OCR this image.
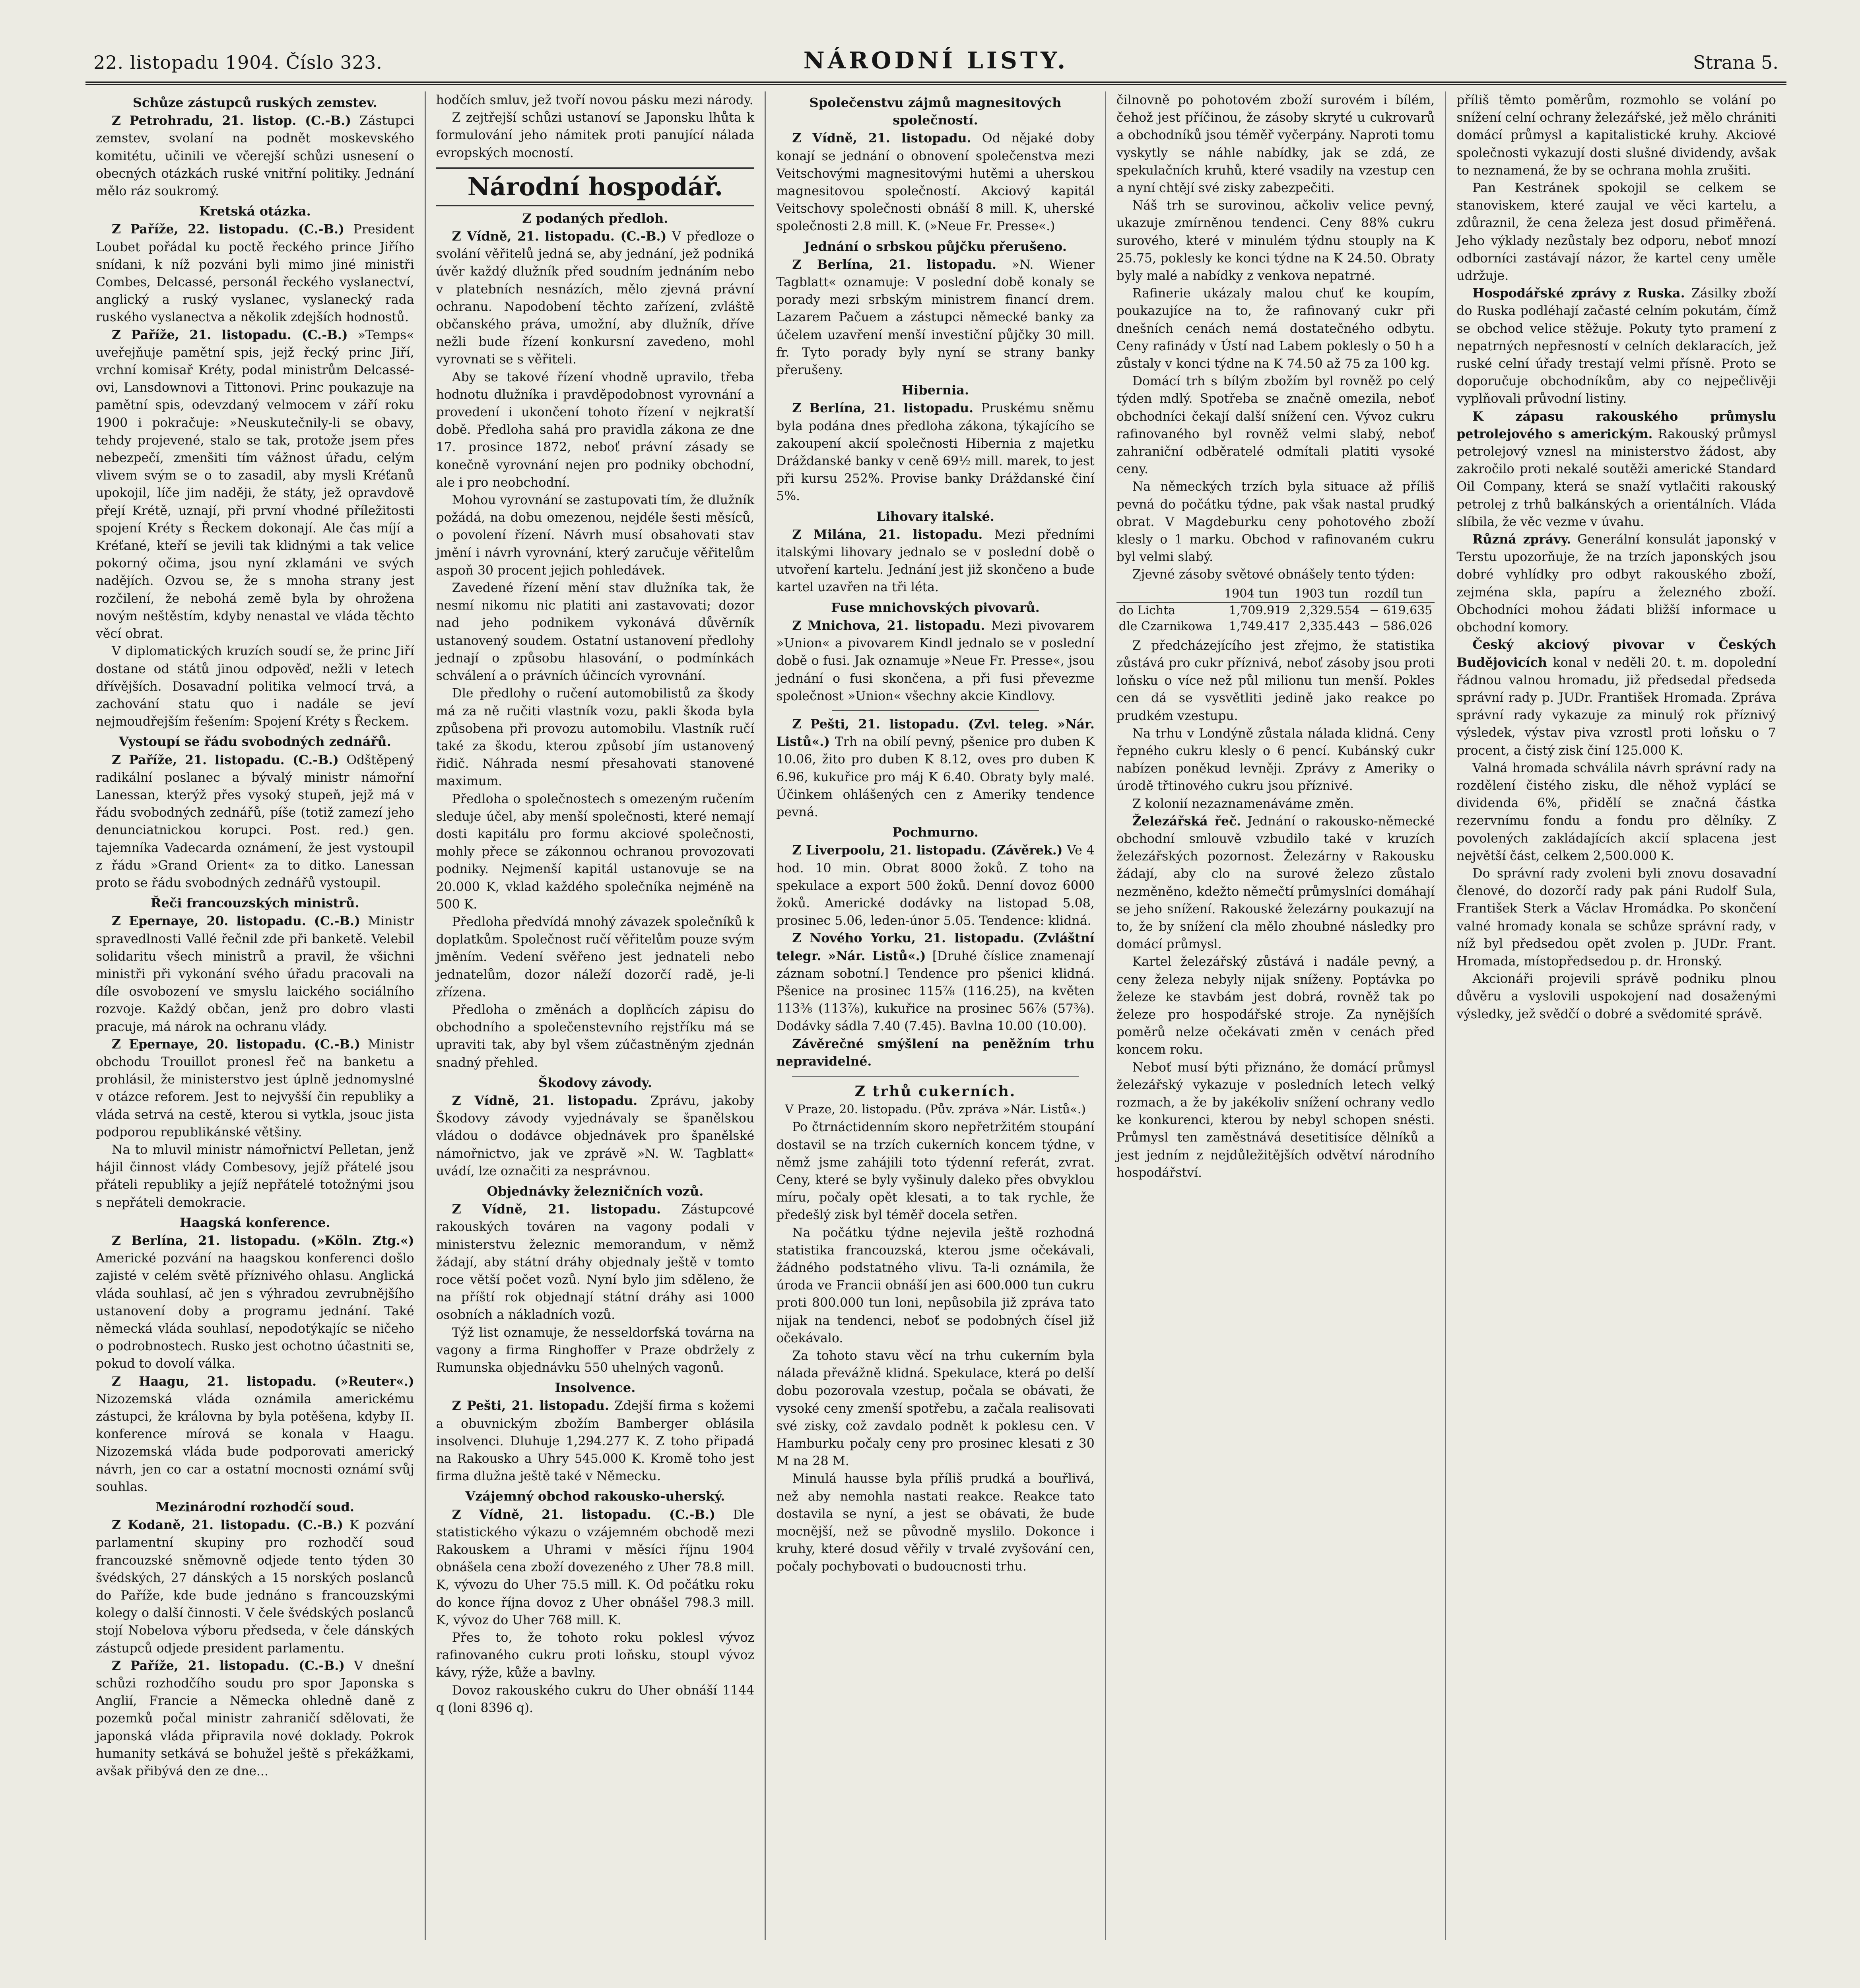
22. listopadu 1904. Číslo 323.	NÁRODNÍ LISTY.	Strana 5.
Schůze zástupců ruských zemstev.

Z Petrohradu, 21. listop. (C.-B.) Zástupci zemstev, svolaní na podnět moskevského komitétu, učinili ve včerejší schůzi usnesení o obecných otázkách ruské vnitřní politiky. Jednání mělo ráz soukromý.

Kretská otázka.

Z Paříže, 22. listopadu. (C.-B.) President Loubet pořádal ku poctě řeckého prince Jiřího snídani, k níž pozváni byli mimo jiné ministři Combes, Delcassé, personál řeckého vyslanectví, anglický a ruský vyslanec, vyslanecký rada ruského vyslanectva a několik zdejších hodnostů.

Z Paříže, 21. listopadu. (C.-B.) »Temps« uveřejňuje pamětní spis, jejž řecký princ Jiří, vrchní komisař Kréty, podal ministrům Delcassé-ovi, Lansdownovi a Tittonovi. Princ poukazuje na pamětní spis, odevzdaný velmocem v září roku 1900 i pokračuje: »Neuskutečnily-li se obavy, tehdy projevené, stalo se tak, protože jsem přes nebezpečí, zmenšiti tím vážnost úřadu, celým vlivem svým se o to zasadil, aby mysli Kréťanů upokojil, líče jim naději, že státy, jež opravdově přejí Krétě, uznají, při první vhodné příležitosti spojení Kréty s Řeckem dokonají. Ale čas míjí a Kréťané, kteří se jevili tak klidnými a tak velice pokorný očima, jsou nyní zklamáni ve svých nadějích. Ozvou se, že s mnoha strany jest rozčilení, že nebohá země byla by ohrožena novým neštěstím, kdyby nenastal ve vláda těchto věcí obrat.

V diplomatických kruzích soudí se, že princ Jiří dostane od států jinou odpověď, nežli v letech dřívějších. Dosavadní politika velmocí trvá, a zachování statu quo i nadále se jeví nejmoudřejším řešením: Spojení Kréty s Řeckem.

Vystoupí se řádu svobodných zednářů.

Z Paříže, 21. listopadu. (C.-B.) Odštěpený radikální poslanec a bývalý ministr námořní Lanessan, kterýž přes vysoký stupeň, jejž má v řádu svobodných zednářů, píše (totiž zamezí jeho denunciatnickou korupci. Post. red.) gen. tajemníka Vadecarda oznámení, že jest vystoupil z řádu »Grand Orient« za to ditko. Lanessan proto se řádu svobodných zednářů vystoupil.

Řeči francouzských ministrů.

Z Epernaye, 20. listopadu. (C.-B.) Ministr spravedlnosti Vallé řečnil zde při banketě. Velebil solidaritu všech ministrů a pravil, že všichni ministři při vykonání svého úřadu pracovali na díle osvobození ve smyslu laického sociálního rozvoje. Každý občan, jenž pro dobro vlasti pracuje, má nárok na ochranu vlády.

Z Epernaye, 20. listopadu. (C.-B.) Ministr obchodu Trouillot pronesl řeč na banketu a prohlásil, že ministerstvo jest úplně jednomyslné v otázce reforem. Jest to nejvyšší čin republiky a vláda setrvá na cestě, kterou si vytkla, jsouc jista podporou republikánské většiny.

Na to mluvil ministr námořnictví Pelletan, jenž hájil činnost vlády Combesovy, jejíž přátelé jsou přáteli republiky a jejíž nepřátelé totožnými jsou s nepřáteli demokracie.

Haagská konference.

Z Berlína, 21. listopadu. (»Köln. Ztg.«) Americké pozvání na haagskou konferenci došlo zajisté v celém světě příznivého ohlasu. Anglická vláda souhlasí, ač jen s výhradou zevrubnějšího ustanovení doby a programu jednání. Také německá vláda souhlasí, nepodotýkajíc se ničeho o podrobnostech. Rusko jest ochotno účastniti se, pokud to dovolí válka.

Z Haagu, 21. listopadu. (»Reuter«.) Nizozemská vláda oznámila americkému zástupci, že královna by byla potěšena, kdyby II. konference mírová se konala v Haagu. Nizozemská vláda bude podporovati americký návrh, jen co car a ostatní mocnosti oznámí svůj souhlas.

Mezinárodní rozhodčí soud.

Z Kodaně, 21. listopadu. (C.-B.) K pozvání parlamentní skupiny pro rozhodčí soud francouzské sněmovně odjede tento týden 30 švédských, 27 dánských a 15 norských poslanců do Paříže, kde bude jednáno s francouzskými kolegy o další činnosti. V čele švédských poslanců stojí Nobelova výboru předseda, v čele dánských zástupců odjede president parlamentu.

Z Paříže, 21. listopadu. (C.-B.) V dnešní schůzi rozhodčího soudu pro spor Japonska s Anglií, Francie a Německa ohledně daně z pozemků počal ministr zahraničí sdělovati, že japonská vláda připravila nové doklady. Pokrok humanity setkává se bohužel ještě s překážkami, avšak přibývá den ze dne...

hodčích smluv, jež tvoří novou pásku mezi národy.

Z zejtřejší schůzi ustanoví se Japonsku lhůta k formulování jeho námitek proti panující nálada evropských mocností.

Národní hospodář.
Z podaných předloh.

Z Vídně, 21. listopadu. (C.-B.) V předloze o svolání věřitelů jedná se, aby jednání, jež podniká úvěr každý dlužník před soudním jednáním nebo v platebních nesnázích, mělo zjevná právní ochranu. Napodobení těchto zařízení, zvláště občanského práva, umožní, aby dlužník, dříve nežli bude řízení konkursní zavedeno, mohl vyrovnati se s věřiteli.

Aby se takové řízení vhodně upravilo, třeba hodnotu dlužníka i pravděpodobnost vyrovnání a provedení i ukončení tohoto řízení v nejkratší době. Předloha sahá pro pravidla zákona ze dne 17. prosince 1872, neboť právní zásady se konečně vyrovnání nejen pro podniky obchodní, ale i pro neobchodní.

Mohou vyrovnání se zastupovati tím, že dlužník požádá, na dobu omezenou, nejdéle šesti měsíců, o povolení řízení. Návrh musí obsahovati stav jmění i návrh vyrovnání, který zaručuje věřitelům aspoň 30 procent jejich pohledávek.

Zavedené řízení mění stav dlužníka tak, že nesmí nikomu nic platiti ani zastavovati; dozor nad jeho podnikem vykonává důvěrník ustanovený soudem. Ostatní ustanovení předlohy jednají o způsobu hlasování, o podmínkách schválení a o právních účincích vyrovnání.

Dle předlohy o ručení automobilistů za škody má za ně ručiti vlastník vozu, pakli škoda byla způsobena při provozu automobilu. Vlastník ručí také za škodu, kterou způsobí jím ustanovený řidič. Náhrada nesmí přesahovati stanovené maximum.

Předloha o společnostech s omezeným ručením sleduje účel, aby menší společnosti, které nemají dosti kapitálu pro formu akciové společnosti, mohly přece se zákonnou ochranou provozovati podniky. Nejmenší kapitál ustanovuje se na 20.000 K, vklad každého společníka nejméně na 500 K.

Předloha předvídá mnohý závazek společníků k doplatkům. Společnost ručí věřitelům pouze svým jměním. Vedení svěřeno jest jednateli nebo jednatelům, dozor náleží dozorčí radě, je-li zřízena.

Předloha o změnách a doplňcích zápisu do obchodního a společenstevního rejstříku má se upraviti tak, aby byl všem zúčastněným zjednán snadný přehled.

Škodovy závody.

Z Vídně, 21. listopadu. Zprávu, jakoby Škodovy závody vyjednávaly se španělskou vládou o dodávce objednávek pro španělské námořnictvo, jak ve zprávě »N. W. Tagblatt« uvádí, lze označiti za nesprávnou.

Objednávky železničních vozů.

Z Vídně, 21. listopadu. Zástupcové rakouských továren na vagony podali v ministerstvu železnic memorandum, v němž žádají, aby státní dráhy objednaly ještě v tomto roce větší počet vozů. Nyní bylo jim sděleno, že na příští rok objednají státní dráhy asi 1000 osobních a nákladních vozů.

Týž list oznamuje, že nesseldorfská továrna na vagony a firma Ringhoffer v Praze obdržely z Rumunska objednávku 550 uhelných vagonů.

Insolvence.

Z Pešti, 21. listopadu. Zdejší firma s kožemi a obuvnickým zbožím Bamberger oblásila insolvenci. Dluhuje 1,294.277 K. Z toho připadá na Rakousko a Uhry 545.000 K. Kromě toho jest firma dlužna ještě také v Německu.

Vzájemný obchod rakousko-uherský.

Z Vídně, 21. listopadu. (C.-B.) Dle statistického výkazu o vzájemném obchodě mezi Rakouskem a Uhrami v měsíci říjnu 1904 obnášela cena zboží dovezeného z Uher 78.8 mill. K, vývozu do Uher 75.5 mill. K. Od počátku roku do konce října dovoz z Uher obnášel 798.3 mill. K, vývoz do Uher 768 mill. K.

Přes to, že tohoto roku poklesl vývoz rafinovaného cukru proti loňsku, stoupl vývoz kávy, rýže, kůže a bavlny.

Dovoz rakouského cukru do Uher obnáší 1144 q (loni 8396 q).

Společenstvu zájmů magnesitových společností.

Z Vídně, 21. listopadu. Od nějaké doby konají se jednání o obnovení společenstva mezi Veitschovými magnesitovými hutěmi a uherskou magnesitovou společností. Akciový kapitál Veitschovy společnosti obnáší 8 mill. K, uherské společnosti 2.8 mill. K. (»Neue Fr. Presse«.)

Jednání o srbskou půjčku přerušeno.

Z Berlína, 21. listopadu. »N. Wiener Tagblatt« oznamuje: V poslední době konaly se porady mezi srbským ministrem financí drem. Lazarem Pačuem a zástupci německé banky za účelem uzavření menší investiční půjčky 30 mill. fr. Tyto porady byly nyní se strany banky přerušeny.

Hibernia.

Z Berlína, 21. listopadu. Pruskému sněmu byla podána dnes předloha zákona, týkajícího se zakoupení akcií společnosti Hibernia z majetku Dráždanské banky v ceně 69½ mill. marek, to jest při kursu 252%. Provise banky Dráždanské činí 5%.

Lihovary italské.

Z Milána, 21. listopadu. Mezi předními italskými lihovary jednalo se v poslední době o utvoření kartelu. Jednání jest již skončeno a bude kartel uzavřen na tři léta.

Fuse mnichovských pivovarů.

Z Mnichova, 21. listopadu. Mezi pivovarem »Union« a pivovarem Kindl jednalo se v poslední době o fusi. Jak oznamuje »Neue Fr. Presse«, jsou jednání o fusi skončena, a při fusi převezme společnost »Union« všechny akcie Kindlovy.

Z Pešti, 21. listopadu. (Zvl. teleg. »Nár. Listů«.) Trh na obilí pevný, pšenice pro duben K 10.06, žito pro duben K 8.12, oves pro duben K 6.96, kukuřice pro máj K 6.40. Obraty byly malé. Účinkem ohlášených cen z Ameriky tendence pevná.

Pochmurno.

Z Liverpoolu, 21. listopadu. (Závěrek.) Ve 4 hod. 10 min. Obrat 8000 žoků. Z toho na spekulace a export 500 žoků. Denní dovoz 6000 žoků. Americké dodávky na listopad 5.08, prosinec 5.06, leden-únor 5.05. Tendence: klidná.

Z Nového Yorku, 21. listopadu. (Zvláštní telegr. »Nár. Listů«.) [Druhé číslice znamenají záznam sobotní.] Tendence pro pšenici klidná. Pšenice na prosinec 115⅞ (116.25), na květen 113⅜ (113⅞), kukuřice na prosinec 56⅞ (57⅜). Dodávky sádla 7.40 (7.45). Bavlna 10.00 (10.00).

Závěrečné smýšlení na peněžním trhu nepravidelné.

Z trhů cukerních.

V Praze, 20. listopadu. (Pův. zpráva »Nár. Listů«.)

Po čtrnáctidenním skoro nepřetržitém stoupání dostavil se na trzích cukerních koncem týdne, v němž jsme zahájili toto týdenní referát, zvrat. Ceny, které se byly vyšinuly daleko přes obvyklou míru, počaly opět klesati, a to tak rychle, že předešlý zisk byl téměř docela setřen.

Na počátku týdne nejevila ještě rozhodná statistika francouzská, kterou jsme očekávali, žádného podstatného vlivu. Ta-li oznámila, že úroda ve Francii obnáší jen asi 600.000 tun cukru proti 800.000 tun loni, nepůsobila již zpráva tato nijak na tendenci, neboť se podobných čísel již očekávalo.

Za tohoto stavu věcí na trhu cukerním byla nálada převážně klidná. Spekulace, která po delší dobu pozorovala vzestup, počala se obávati, že vysoké ceny zmenší spotřebu, a začala realisovati své zisky, což zavdalo podnět k poklesu cen. V Hamburku počaly ceny pro prosinec klesati z 30 M na 28 M.

Minulá hausse byla příliš prudká a bouřlivá, než aby nemohla nastati reakce. Reakce tato dostavila se nyní, a jest se obávati, že bude mocnější, než se původně myslilo. Dokonce i kruhy, které dosud věřily v trvalé zvyšování cen, počaly pochybovati o budoucnosti trhu.

čilnovně po pohotovém zboží surovém i bílém, čehož jest příčinou, že zásoby skryté u cukrovarů a obchodníků jsou téměř vyčerpány. Naproti tomu vyskytly se náhle nabídky, jak se zdá, ze spekulačních kruhů, které vsadily na vzestup cen a nyní chtějí své zisky zabezpečiti.

Náš trh se surovinou, ačkoliv velice pevný, ukazuje zmírněnou tendenci. Ceny 88% cukru surového, které v minulém týdnu stouply na K 25.75, poklesly ke konci týdne na K 24.50. Obraty byly malé a nabídky z venkova nepatrné.

Rafinerie ukázaly malou chuť ke koupím, poukazujíce na to, že rafinovaný cukr při dnešních cenách nemá dostatečného odbytu. Ceny rafinády v Ústí nad Labem poklesly o 50 h a zůstaly v konci týdne na K 74.50 až 75 za 100 kg.

Domácí trh s bílým zbožím byl rovněž po celý týden mdlý. Spotřeba se značně omezila, neboť obchodníci čekají další snížení cen. Vývoz cukru rafinovaného byl rovněž velmi slabý, neboť zahraniční odběratelé odmítali platiti vysoké ceny.

Na německých trzích byla situace až příliš pevná do počátku týdne, pak však nastal prudký obrat. V Magdeburku ceny pohotového zboží klesly o 1 marku. Obchod v rafinovaném cukru byl velmi slabý.

Zjevné zásoby světové obnášely tento týden:

	1904 tun	1903 tun	rozdíl tun
do Lichta	1,709.919	2,329.554	− 619.635
dle Czarnikowa	1,749.417	2,335.443	− 586.026

Z předcházejícího jest zřejmo, že statistika zůstává pro cukr příznivá, neboť zásoby jsou proti loňsku o více než půl milionu tun menší. Pokles cen dá se vysvětliti jedině jako reakce po prudkém vzestupu.

Na trhu v Londýně zůstala nálada klidná. Ceny řepného cukru klesly o 6 pencí. Kubánský cukr nabízen poněkud levněji. Zprávy z Ameriky o úrodě třtinového cukru jsou příznivé.

Z kolonií nezaznamenáváme změn.

Železářská řeč. Jednání o rakousko-německé obchodní smlouvě vzbudilo také v kruzích železářských pozornost. Železárny v Rakousku žádají, aby clo na surové železo zůstalo nezměněno, kdežto němečtí průmyslníci domáhají se jeho snížení. Rakouské železárny poukazují na to, že by snížení cla mělo zhoubné následky pro domácí průmysl.

Kartel železářský zůstává i nadále pevný, a ceny železa nebyly nijak sníženy. Poptávka po železe ke stavbám jest dobrá, rovněž tak po železe pro hospodářské stroje. Za nynějších poměrů nelze očekávati změn v cenách před koncem roku.

Neboť musí býti přiznáno, že domácí průmysl železářský vykazuje v posledních letech velký rozmach, a že by jakékoliv snížení ochrany vedlo ke konkurenci, kterou by nebyl schopen snésti. Průmysl ten zaměstnává desetitisíce dělníků a jest jedním z nejdůležitějších odvětví národního hospodářství.

příliš těmto poměrům, rozmohlo se volání po snížení celní ochrany železářské, jež mělo chrániti domácí průmysl a kapitalistické kruhy. Akciové společnosti vykazují dosti slušné dividendy, avšak to neznamená, že by se ochrana mohla zrušiti.

Pan Kestránek spokojil se celkem se stanoviskem, které zaujal ve věci kartelu, a zdůraznil, že cena železa jest dosud přiměřená. Jeho výklady nezůstaly bez odporu, neboť mnozí odborníci zastávají názor, že kartel ceny uměle udržuje.

Hospodářské zprávy z Ruska. Zásilky zboží do Ruska podléhají začasté celním pokutám, čímž se obchod velice stěžuje. Pokuty tyto pramení z nepatrných nepřesností v celních deklaracích, jež ruské celní úřady trestají velmi přísně. Proto se doporučuje obchodníkům, aby co nejpečlivěji vyplňovali průvodní listiny.

K zápasu rakouského průmyslu petrolejového s americkým. Rakouský průmysl petrolejový vznesl na ministerstvo žádost, aby zakročilo proti nekalé soutěži americké Standard Oil Company, která se snaží vytlačiti rakouský petrolej z trhů balkánských a orientálních. Vláda slíbila, že věc vezme v úvahu.

Různá zprávy. Generální konsulát japonský v Terstu upozorňuje, že na trzích japonských jsou dobré vyhlídky pro odbyt rakouského zboží, zejména skla, papíru a železného zboží. Obchodníci mohou žádati bližší informace u obchodní komory.

Český akciový pivovar v Českých Budějovicích konal v neděli 20. t. m. dopolední řádnou valnou hromadu, již předsedal předseda správní rady p. JUDr. František Hromada. Zpráva správní rady vykazuje za minulý rok příznivý výsledek, výstav piva vzrostl proti loňsku o 7 procent, a čistý zisk činí 125.000 K.

Valná hromada schválila návrh správní rady na rozdělení čistého zisku, dle něhož vyplácí se dividenda 6%, přidělí se značná částka rezervnímu fondu a fondu pro dělníky. Z povolených zakládajících akcií splacena jest největší část, celkem 2,500.000 K.

Do správní rady zvoleni byli znovu dosavadní členové, do dozorčí rady pak páni Rudolf Sula, František Sterk a Václav Hromádka. Po skončení valné hromady konala se schůze správní rady, v níž byl předsedou opět zvolen p. JUDr. Frant. Hromada, místopředsedou p. dr. Hronský.

Akcionáři projevili správě podniku plnou důvěru a vyslovili uspokojení nad dosaženými výsledky, jež svědčí o dobré a svědomité správě.
